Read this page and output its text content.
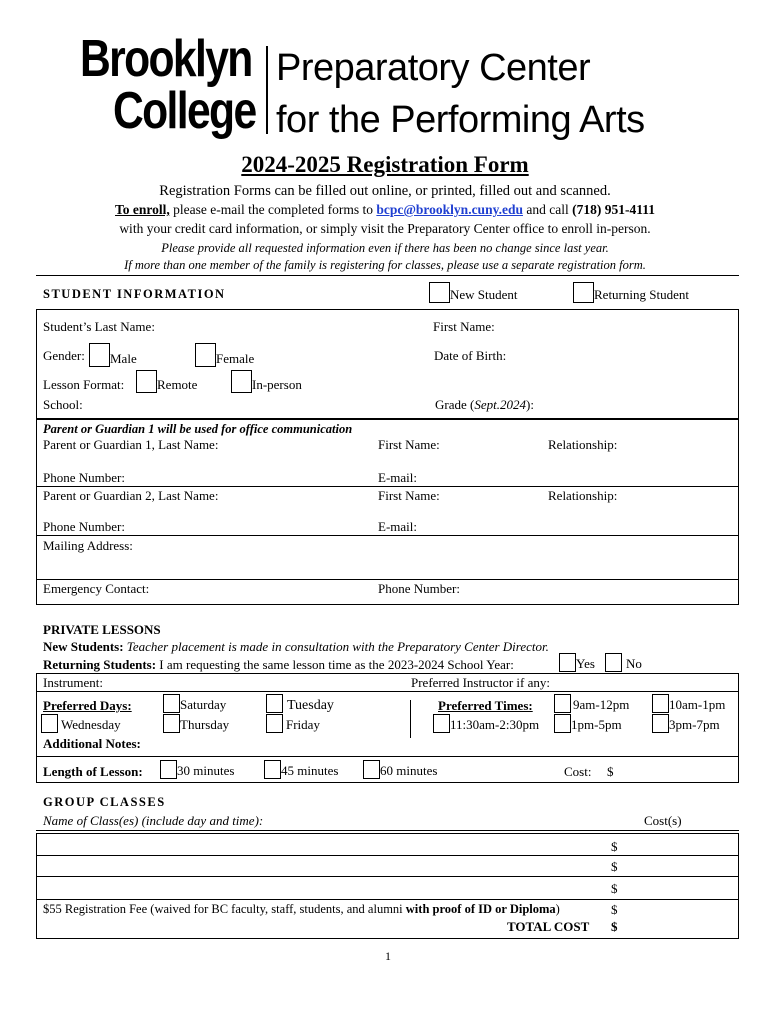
Brooklyn
College
Preparatory Center
for the Performing Arts
2024-2025 Registration Form
Registration Forms can be filled out online, or printed, filled out and scanned.
To enroll, please e-mail the completed forms to bcpc@brooklyn.cuny.edu and call (718) 951-4111
with your credit card information, or simply visit the Preparatory Center office to enroll in-person.
Please provide all requested information even if there has been no change since last year.
If more than one member of the family is registering for classes, please use a separate registration form.
STUDENT INFORMATION	New Student	Returning Student
Student’s Last Name:	First Name:
Gender:	Male	Female	Date of Birth:
Lesson Format:	Remote	In-person
School:	Grade (Sept.2024):
Parent or Guardian 1 will be used for office communication
Parent or Guardian 1, Last Name:	First Name:	Relationship:
Phone Number:	E-mail:
Parent or Guardian 2, Last Name:	First Name:	Relationship:
Phone Number:	E-mail:
Mailing Address:
Emergency Contact:	Phone Number:
PRIVATE LESSONS
New Students: Teacher placement is made in consultation with the Preparatory Center Director.
Returning Students: I am requesting the same lesson time as the 2023-2024 School Year:	Yes	No
Instrument:	Preferred Instructor if any:
Preferred Days:	Saturday	Tuesday
Wednesday	Thursday	Friday
Preferred Times:	9am-12pm	10am-1pm
11:30am-2:30pm	1pm-5pm	3pm-7pm
Additional Notes:
Length of Lesson:	30 minutes	45 minutes	60 minutes	Cost: $
GROUP CLASSES
Name of Class(es) (include day and time):	Cost(s)
$
$
$
$55 Registration Fee (waived for BC faculty, staff, students, and alumni with proof of ID or Diploma)	$
TOTAL COST $
1
